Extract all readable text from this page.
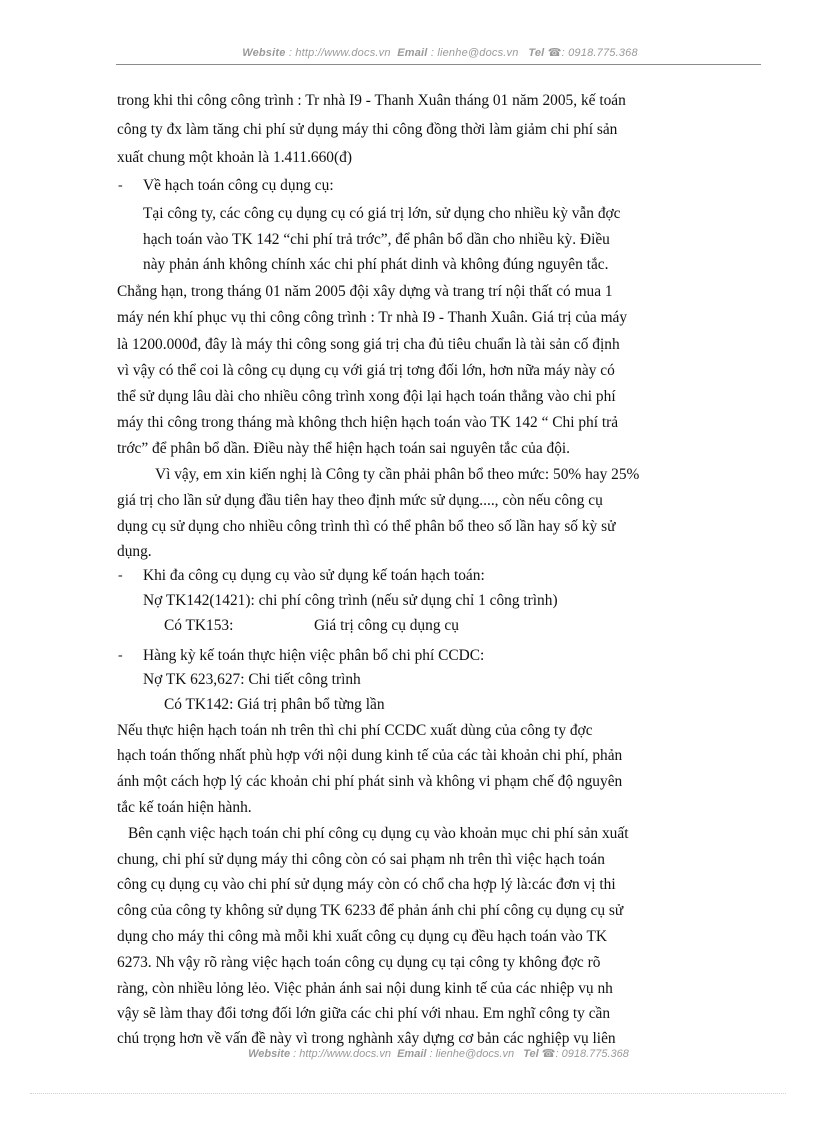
Website : http://www.docs.vn Email : lienhe@docs.vn Tel ☎: 0918.775.368
trong khi thi công công trình : Tr nhà I9 - Thanh Xuân tháng 01 năm 2005, kế toán
công ty đx làm tăng chi phí sử dụng máy thi công đồng thời làm giảm chi phí sản
xuất chung một khoản là 1.411.660(đ)
- Về hạch toán công cụ dụng cụ:
Tại công ty, các công cụ dụng cụ có giá trị lớn, sử dụng cho nhiều kỳ vẫn đợc
hạch toán vào TK 142 “chi phí trả trớc”, để phân bổ dần cho nhiều kỳ. Điều
này phản ánh không chính xác chi phí phát dinh và không đúng nguyên tắc.
Chẳng hạn, trong tháng 01 năm 2005 đội xây dựng và trang trí nội thất có mua 1
máy nén khí phục vụ thi công công trình : Tr nhà I9 - Thanh Xuân. Giá trị của máy
là 1200.000đ, đây là máy thi công song giá trị cha đủ tiêu chuẩn là tài sản cố định
vì vậy có thể coi là công cụ dụng cụ với giá trị tơng đối lớn, hơn nữa máy này có
thể sử dụng lâu dài cho nhiều công trình xong đội lại hạch toán thẳng vào chi phí
máy thi công trong tháng mà không thch hiện hạch toán vào TK 142 “ Chi phí trả
trớc” để phân bổ dần. Điều này thể hiện hạch toán sai nguyên tắc của đội.
Vì vậy, em xin kiến nghị là Công ty cần phải phân bổ theo mức: 50% hay 25%
giá trị cho lần sử dụng đầu tiên hay theo định mức sử dụng...., còn nếu công cụ
dụng cụ sử dụng cho nhiều công trình thì có thể phân bổ theo số lần hay số kỳ sử
dụng.
- Khi đa công cụ dụng cụ vào sử dụng kế toán hạch toán:
Nợ TK142(1421): chi phí công trình (nếu sử dụng chỉ 1 công trình)
Có TK153:	Giá trị công cụ dụng cụ
- Hàng kỳ kế toán thực hiện việc phân bổ chi phí CCDC:
Nợ TK 623,627: Chi tiết công trình
Có TK142: Giá trị phân bổ từng lần
Nếu thực hiện hạch toán nh trên thì chi phí CCDC xuất dùng của công ty đợc
hạch toán thống nhất phù hợp với nội dung kinh tế của các tài khoản chi phí, phản
ánh một cách hợp lý các khoản chi phí phát sinh và không vi phạm chế độ nguyên
tắc kế toán hiện hành.
Bên cạnh việc hạch toán chi phí công cụ dụng cụ vào khoản mục chi phí sản xuất
chung, chi phí sử dụng máy thi công còn có sai phạm nh trên thì việc hạch toán
công cụ dụng cụ vào chi phí sử dụng máy còn có chổ cha hợp lý là:các đơn vị thi
công của công ty không sử dụng TK 6233 để phản ánh chi phí công cụ dụng cụ sử
dụng cho máy thi công mà mỗi khi xuất công cụ dụng cụ đều hạch toán vào TK
6273. Nh vậy rõ ràng việc hạch toán công cụ dụng cụ tại công ty không đợc rõ
ràng, còn nhiều lỏng lẻo. Việc phản ánh sai nội dung kinh tế của các nhiệp vụ nh
vậy sẽ làm thay đổi tơng đối lớn giữa các chi phí với nhau. Em nghĩ công ty cần
chú trọng hơn về vấn đề này vì trong nghành xây dựng cơ bản các nghiệp vụ liên
Website : http://www.docs.vn Email : lienhe@docs.vn Tel ☎: 0918.775.368
